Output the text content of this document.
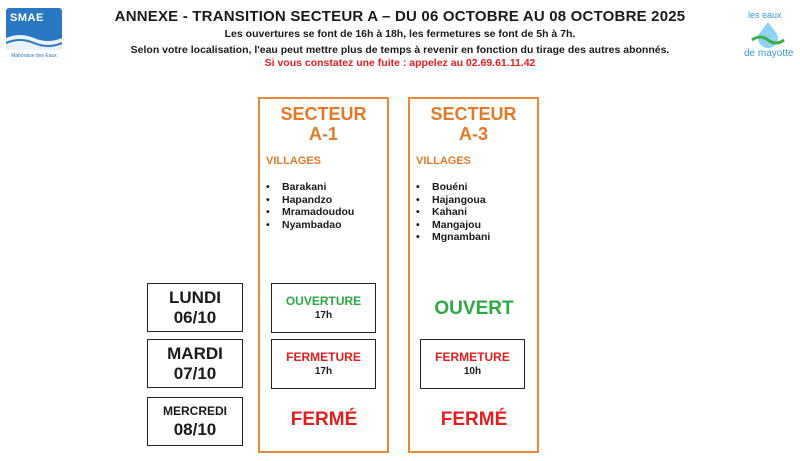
SMAE
Mahoraise des Eaux
les eaux
de mayotte
ANNEXE - TRANSITION SECTEUR A – DU 06 OCTOBRE AU 08 OCTOBRE 2025
Les ouvertures se font de 16h à 18h, les fermetures se font de 5h à 7h.
Selon votre localisation, l'eau peut mettre plus de temps à revenir en fonction du tirage des autres abonnés.
Si vous constatez une fuite : appelez au 02.69.61.11.42
SECTEUR
A-1
VILLAGES
• Barakani
• Hapandzo
• Mramadoudou
• Nyambadao
SECTEUR
A-3
VILLAGES
• Bouéni
• Hajangoua
• Kahani
• Mangajou
• Mgnambani
LUNDI
06/10
MARDI
07/10
MERCREDI
08/10
OUVERTURE
17h
FERMETURE
17h
FERMÉ
OUVERT
FERMETURE
10h
FERMÉ
